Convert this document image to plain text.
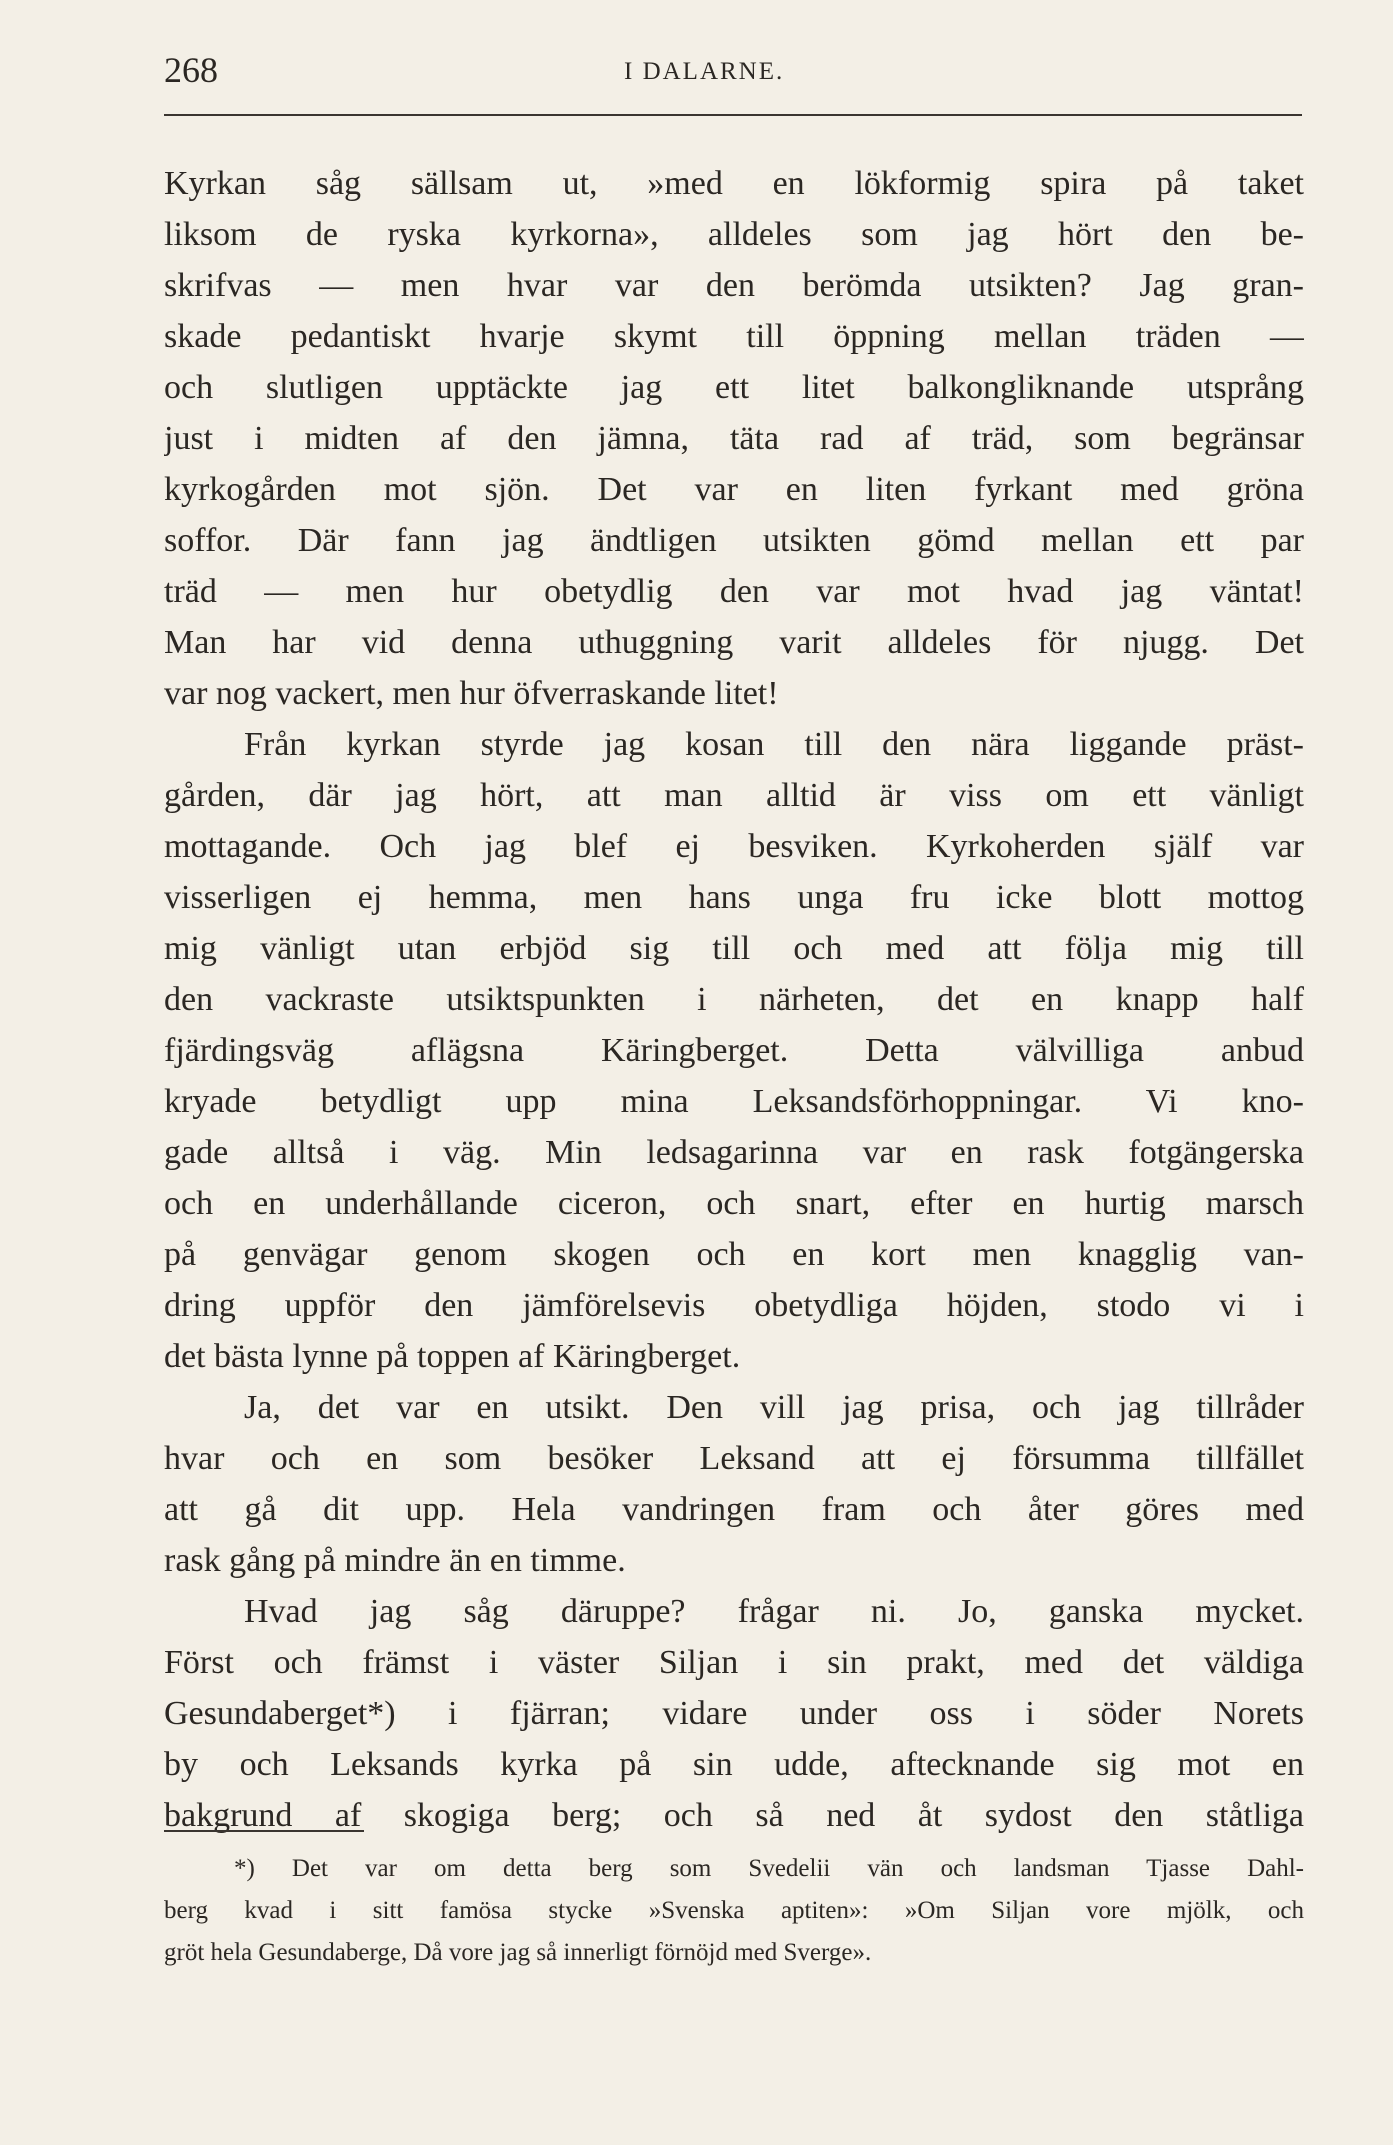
268	I DALARNE.
Kyrkan såg sällsam ut, »med en lökformig spira på taket
liksom de ryska kyrkorna», alldeles som jag hört den be-
skrifvas — men hvar var den berömda utsikten? Jag gran-
skade pedantiskt hvarje skymt till öppning mellan träden —
och slutligen upptäckte jag ett litet balkongliknande utsprång
just i midten af den jämna, täta rad af träd, som begränsar
kyrkogården mot sjön. Det var en liten fyrkant med gröna
soffor. Där fann jag ändtligen utsikten gömd mellan ett par
träd — men hur obetydlig den var mot hvad jag väntat!
Man har vid denna uthuggning varit alldeles för njugg. Det
var nog vackert, men hur öfverraskande litet!
Från kyrkan styrde jag kosan till den nära liggande präst-
gården, där jag hört, att man alltid är viss om ett vänligt
mottagande. Och jag blef ej besviken. Kyrkoherden själf var
visserligen ej hemma, men hans unga fru icke blott mottog
mig vänligt utan erbjöd sig till och med att följa mig till
den vackraste utsiktspunkten i närheten, det en knapp half
fjärdingsväg aflägsna Käringberget. Detta välvilliga anbud
kryade betydligt upp mina Leksandsförhoppningar. Vi kno-
gade alltså i väg. Min ledsagarinna var en rask fotgängerska
och en underhållande ciceron, och snart, efter en hurtig marsch
på genvägar genom skogen och en kort men knagglig van-
dring uppför den jämförelsevis obetydliga höjden, stodo vi i
det bästa lynne på toppen af Käringberget.
Ja, det var en utsikt. Den vill jag prisa, och jag tillråder
hvar och en som besöker Leksand att ej försumma tillfället
att gå dit upp. Hela vandringen fram och åter göres med
rask gång på mindre än en timme.
Hvad jag såg däruppe? frågar ni. Jo, ganska mycket.
Först och främst i väster Siljan i sin prakt, med det väldiga
Gesundaberget*) i fjärran; vidare under oss i söder Norets
by och Leksands kyrka på sin udde, aftecknande sig mot en
bakgrund af skogiga berg; och så ned åt sydost den ståtliga
*) Det var om detta berg som Svedelii vän och landsman Tjasse Dahl-
berg kvad i sitt famösa stycke »Svenska aptiten»: »Om Siljan vore mjölk, och
gröt hela Gesundaberge, Då vore jag så innerligt förnöjd med Sverge».
